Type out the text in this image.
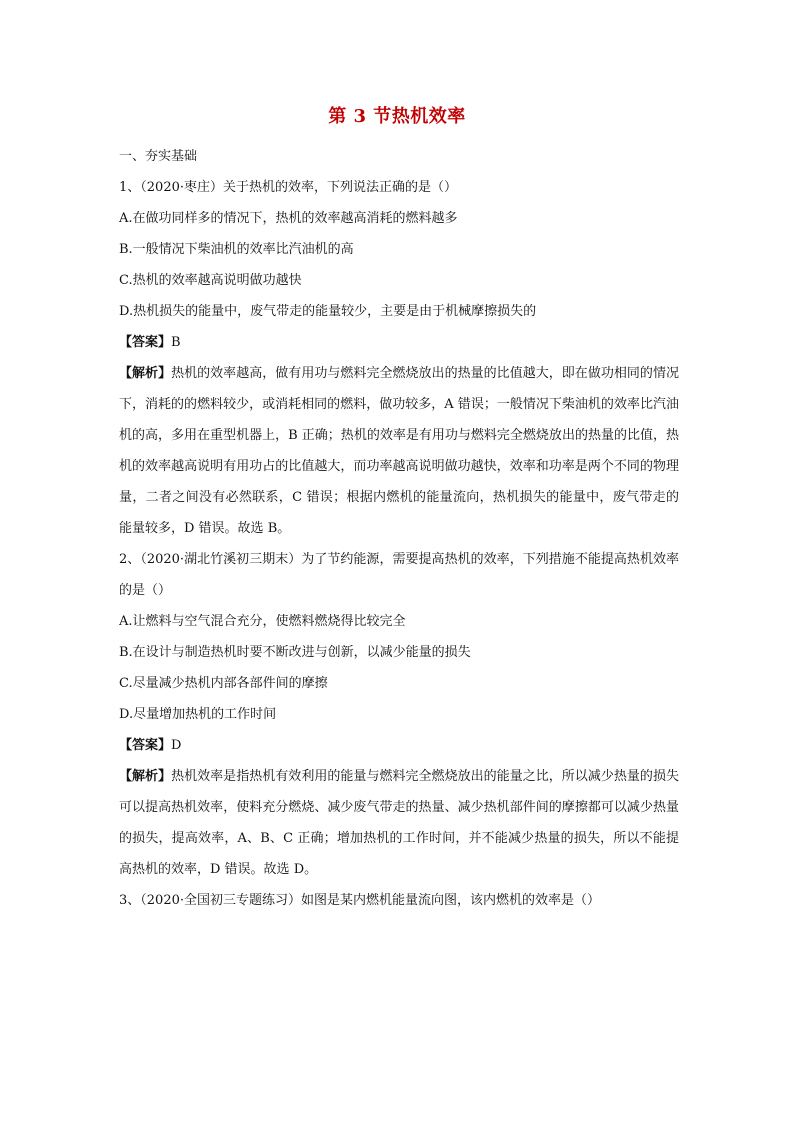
第 3 节热机效率
一、夯实基础
1、（2020·枣庄）关于热机的效率，下列说法正确的是（）
A.在做功同样多的情况下，热机的效率越高消耗的燃料越多
B.一般情况下柴油机的效率比汽油机的高
C.热机的效率越高说明做功越快
D.热机损失的能量中，废气带走的能量较少，主要是由于机械摩擦损失的
【答案】B
【解析】热机的效率越高，做有用功与燃料完全燃烧放出的热量的比值越大，即在做功相同的情况下，消耗的的燃料较少，或消耗相同的燃料，做功较多，A 错误；一般情况下柴油机的效率比汽油机的高，多用在重型机器上，B 正确；热机的效率是有用功与燃料完全燃烧放出的热量的比值，热机的效率越高说明有用功占的比值越大，而功率越高说明做功越快，效率和功率是两个不同的物理量，二者之间没有必然联系，C 错误；根据内燃机的能量流向，热机损失的能量中，废气带走的能量较多，D 错误。故选 B。
2、（2020·湖北竹溪初三期末）为了节约能源，需要提高热机的效率，下列措施不能提高热机效率的是（）
A.让燃料与空气混合充分，使燃料燃烧得比较完全
B.在设计与制造热机时要不断改进与创新，以减少能量的损失
C.尽量减少热机内部各部件间的摩擦
D.尽量增加热机的工作时间
【答案】D
【解析】热机效率是指热机有效利用的能量与燃料完全燃烧放出的能量之比，所以减少热量的损失可以提高热机效率，使料充分燃烧、减少废气带走的热量、减少热机部件间的摩擦都可以减少热量的损失，提高效率，A、B、C 正确；增加热机的工作时间，并不能减少热量的损失，所以不能提高热机的效率，D 错误。故选 D。
3、（2020·全国初三专题练习）如图是某内燃机能量流向图，该内燃机的效率是（）
